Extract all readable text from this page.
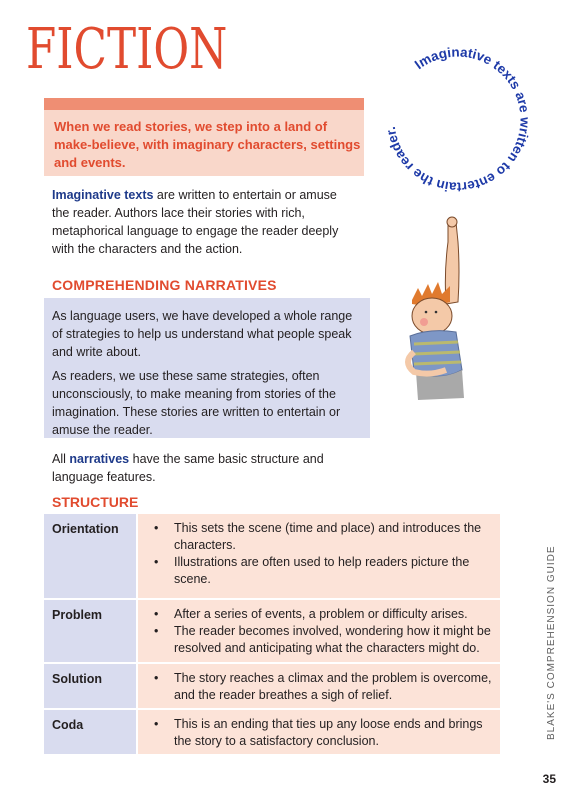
FICTION	Imaginative texts are written to entertain the reader.
When we read stories, we step into a land of make-believe, with imaginary characters, settings and events.
Imaginative texts are written to entertain or amuse the reader. Authors lace their stories with rich, metaphorical language to engage the reader deeply with the characters and the action.
COMPREHENDING NARRATIVES

As language users, we have developed a whole range of strategies to help us understand what people speak and write about.

As readers, we use these same strategies, often unconsciously, to make meaning from stories of the imagination. These stories are written to entertain or amuse the reader.

All narratives have the same basic structure and language features.
STRUCTURE
Orientation	• This sets the scene (time and place) and introduces the characters.
• Illustrations are often used to help readers picture the scene.
Problem	• After a series of events, a problem or difficulty arises.
• The reader becomes involved, wondering how it might be resolved and anticipating what the characters might do.
Solution	• The story reaches a climax and the problem is overcome, and the reader breathes a sigh of relief.
Coda	• This is an ending that ties up any loose ends and brings the story to a satisfactory conclusion.
BLAKE'S COMPREHENSION GUIDE
35
